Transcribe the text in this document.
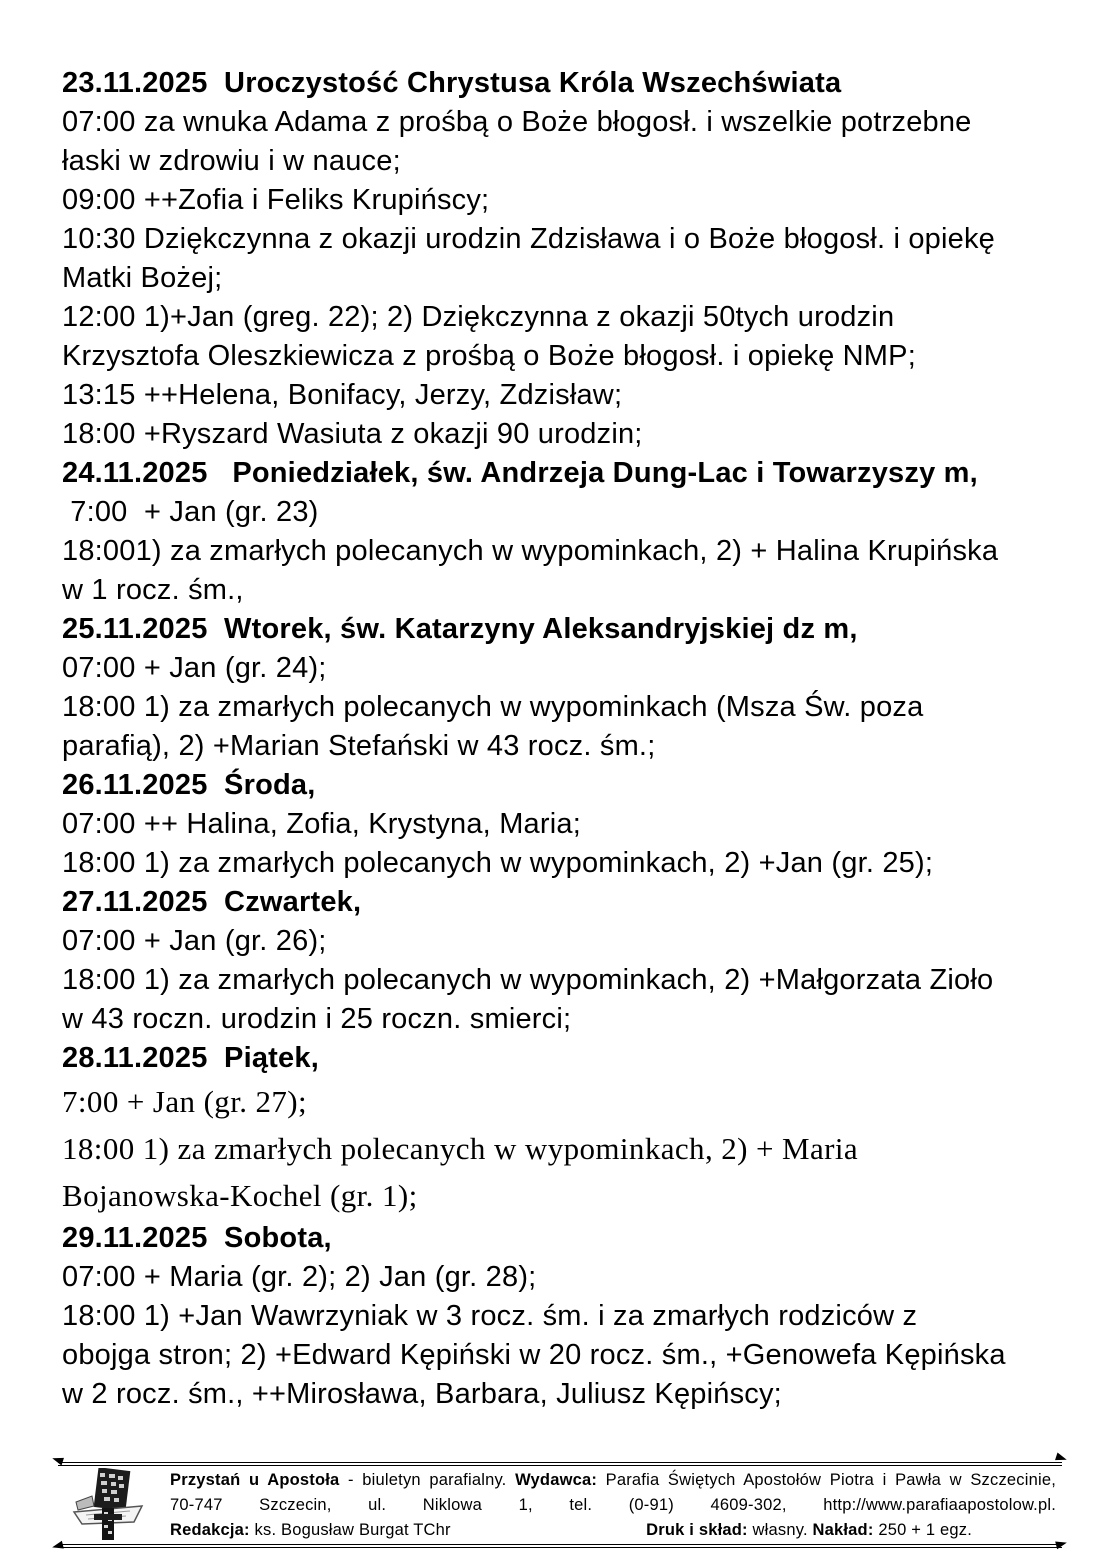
23.11.2025  Uroczystość Chrystusa Króla Wszechświata
07:00 za wnuka Adama z prośbą o Boże błogosł. i wszelkie potrzebne
łaski w zdrowiu i w nauce;
09:00 ++Zofia i Feliks Krupińscy;
10:30 Dziękczynna z okazji urodzin Zdzisława i o Boże błogosł. i opiekę
Matki Bożej;
12:00 1)+Jan (greg. 22); 2) Dziękczynna z okazji 50tych urodzin
Krzysztofa Oleszkiewicza z prośbą o Boże błogosł. i opiekę NMP;
13:15 ++Helena, Bonifacy, Jerzy, Zdzisław;
18:00 +Ryszard Wasiuta z okazji 90 urodzin;
24.11.2025   Poniedziałek, św. Andrzeja Dung-Lac i Towarzyszy m,
7:00  + Jan (gr. 23)
18:001) za zmarłych polecanych w wypominkach, 2) + Halina Krupińska
w 1 rocz. śm.,
25.11.2025  Wtorek, św. Katarzyny Aleksandryjskiej dz m,
07:00 + Jan (gr. 24);
18:00 1) za zmarłych polecanych w wypominkach (Msza Św. poza
parafią), 2) +Marian Stefański w 43 rocz. śm.;
26.11.2025  Środa,
07:00 ++ Halina, Zofia, Krystyna, Maria;
18:00 1) za zmarłych polecanych w wypominkach, 2) +Jan (gr. 25);
27.11.2025  Czwartek,
07:00 + Jan (gr. 26);
18:00 1) za zmarłych polecanych w wypominkach, 2) +Małgorzata Zioło
w 43 roczn. urodzin i 25 roczn. smierci;
28.11.2025  Piątek,
7:00 + Jan (gr. 27);
18:00 1) za zmarłych polecanych w wypominkach, 2) + Maria
Bojanowska-Kochel (gr. 1);
29.11.2025  Sobota,
07:00 + Maria (gr. 2); 2) Jan (gr. 28);
18:00 1) +Jan Wawrzyniak w 3 rocz. śm. i za zmarłych rodziców z
obojga stron; 2) +Edward Kępiński w 20 rocz. śm., +Genowefa Kępińska
w 2 rocz. śm., ++Mirosława, Barbara, Juliusz Kępińscy;
Przystań u Apostoła - biuletyn parafialny. Wydawca: Parafia Świętych Apostołów Piotra i Pawła w Szczecinie,
70-747 Szczecin, ul. Niklowa 1, tel. (0-91) 4609-302, http://www.parafiaapostolow.pl.
Redakcja: ks. Bogusław Burgat TChr	Druk i skład: własny. Nakład: 250 + 1 egz.
